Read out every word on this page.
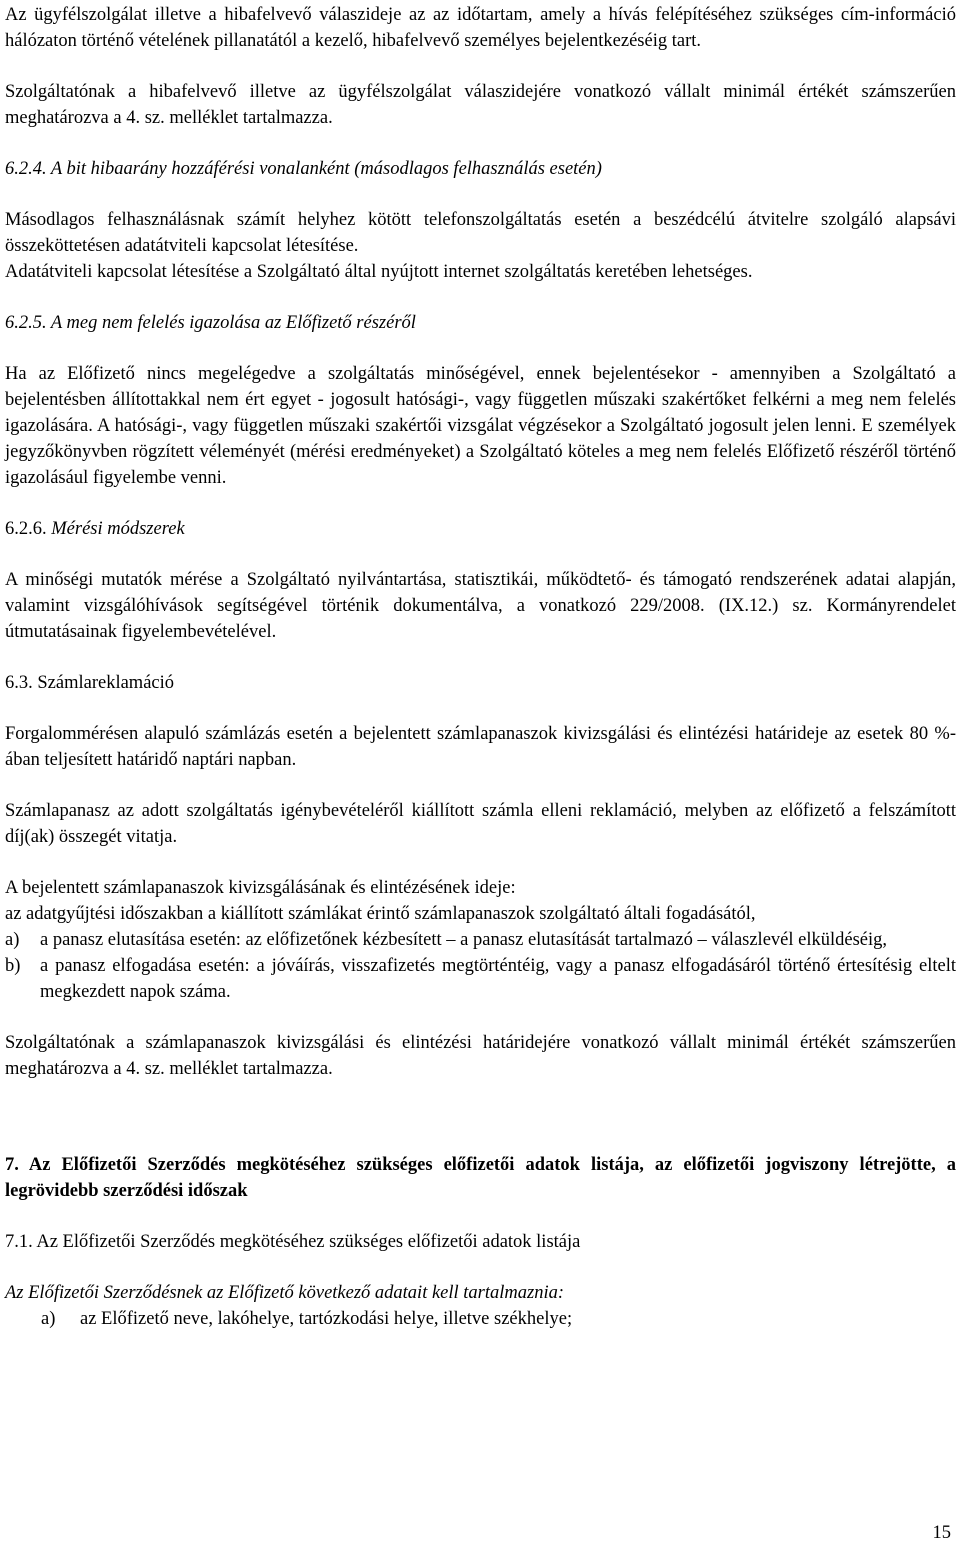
Az ügyfélszolgálat illetve a hibafelvevő válaszideje az az időtartam, amely a hívás felépítéséhez szükséges cím-információ hálózaton történő vételének pillanatától a kezelő, hibafelvevő személyes bejelentkezéséig tart.

Szolgáltatónak a hibafelvevő illetve az ügyfélszolgálat válaszidejére vonatkozó vállalt minimál értékét számszerűen meghatározva a 4. sz. melléklet tartalmazza.

6.2.4. A bit hibaarány hozzáférési vonalanként (másodlagos felhasználás esetén)

Másodlagos felhasználásnak számít helyhez kötött telefonszolgáltatás esetén a beszédcélú átvitelre szolgáló alapsávi összeköttetésen adatátviteli kapcsolat létesítése.

Adatátviteli kapcsolat létesítése a Szolgáltató által nyújtott internet szolgáltatás keretében lehetséges.

6.2.5. A meg nem felelés igazolása az Előfizető részéről

Ha az Előfizető nincs megelégedve a szolgáltatás minőségével, ennek bejelentésekor - amennyiben a Szolgáltató a bejelentésben állítottakkal nem ért egyet - jogosult hatósági-, vagy független műszaki szakértőket felkérni a meg nem felelés igazolására. A hatósági-, vagy független műszaki szakértői vizsgálat végzésekor a Szolgáltató jogosult jelen lenni. E személyek jegyzőkönyvben rögzített véleményét (mérési eredményeket) a Szolgáltató köteles a meg nem felelés Előfizető részéről történő igazolásául figyelembe venni.

6.2.6. Mérési módszerek

A minőségi mutatók mérése a Szolgáltató nyilvántartása, statisztikái, működtető- és támogató rendszerének adatai alapján, valamint vizsgálóhívások segítségével történik dokumentálva, a vonatkozó 229/2008. (IX.12.) sz. Kormányrendelet útmutatásainak figyelembevételével.

6.3. Számlareklamáció

Forgalommérésen alapuló számlázás esetén a bejelentett számlapanaszok kivizsgálási és elintézési határideje az esetek 80 %-ában teljesített határidő naptári napban.

Számlapanasz az adott szolgáltatás igénybevételéről kiállított számla elleni reklamáció, melyben az előfizető a felszámított díj(ak) összegét vitatja.

A bejelentett számlapanaszok kivizsgálásának és elintézésének ideje:

az adatgyűjtési időszakban a kiállított számlákat érintő számlapanaszok szolgáltató általi fogadásától,

a) a panasz elutasítása esetén: az előfizetőnek kézbesített – a panasz elutasítását tartalmazó – válaszlevél elküldéséig,
b) a panasz elfogadása esetén: a jóváírás, visszafizetés megtörténtéig, vagy a panasz elfogadásáról történő értesítésig eltelt megkezdett napok száma.

Szolgáltatónak a számlapanaszok kivizsgálási és elintézési határidejére vonatkozó vállalt minimál értékét számszerűen meghatározva a 4. sz. melléklet tartalmazza.

7. Az Előfizetői Szerződés megkötéséhez szükséges előfizetői adatok listája, az előfizetői jogviszony létrejötte, a legrövidebb szerződési időszak

7.1. Az Előfizetői Szerződés megkötéséhez szükséges előfizetői adatok listája

Az Előfizetői Szerződésnek az Előfizető következő adatait kell tartalmaznia:

a) az Előfizető neve, lakóhelye, tartózkodási helye, illetve székhelye;
15
